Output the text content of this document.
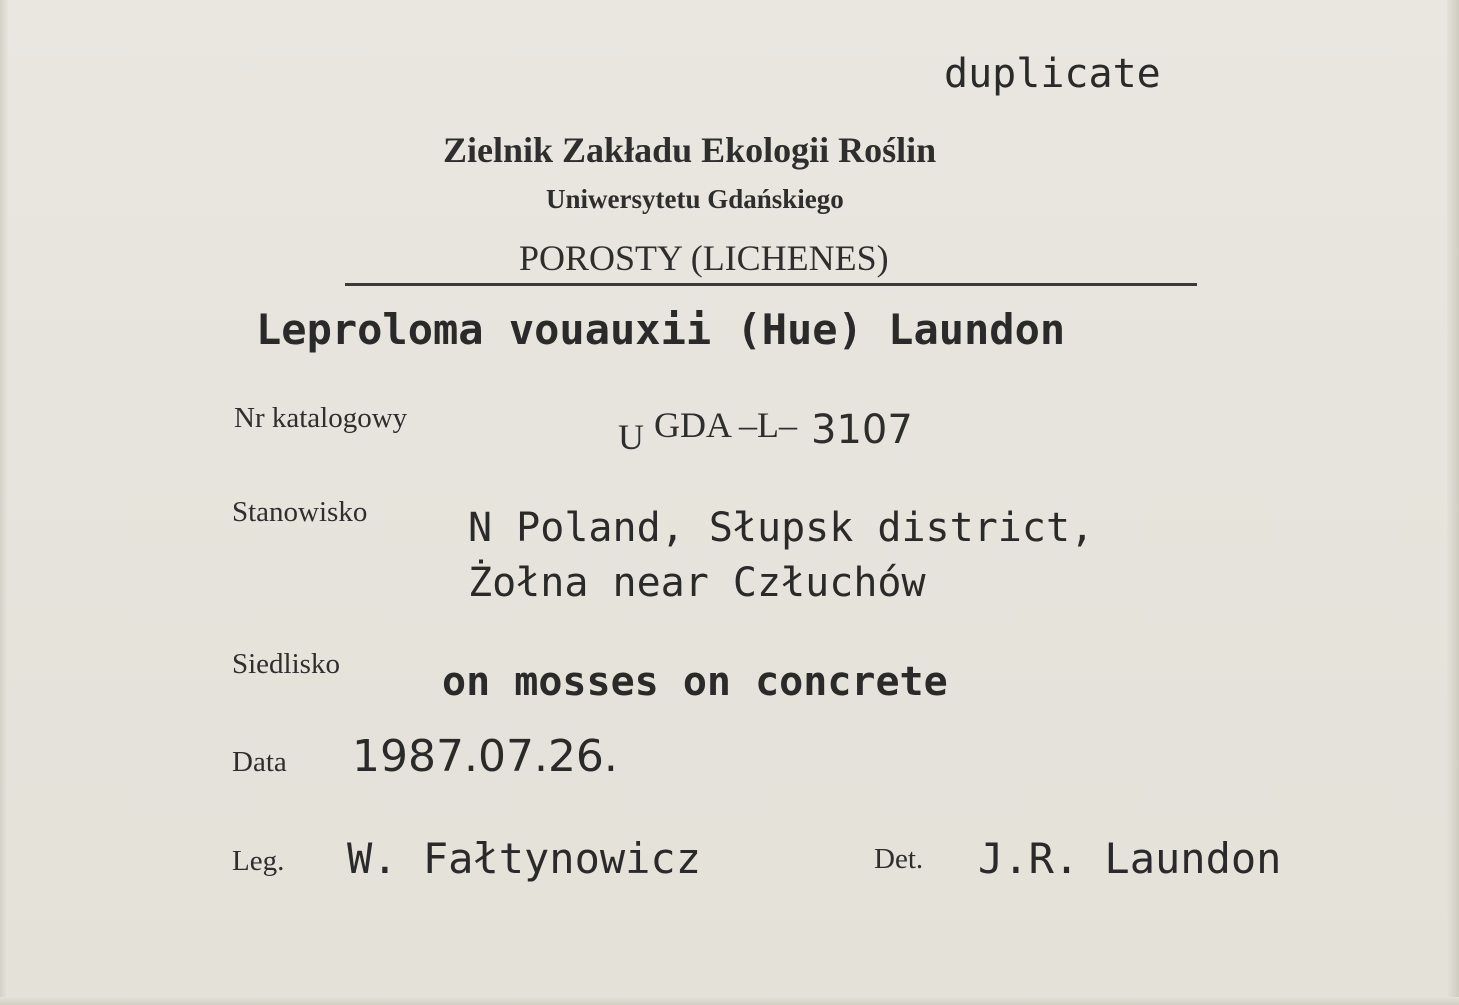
duplicate

Zielnik Zakładu Ekologii Roślin

Uniwersytetu Gdańskiego

POROSTY (LICHENES)

Leproloma vouauxii (Hue) Laundon

Nr katalogowy	U GDA –L– 3107

Stanowisko	N Poland, Słupsk district,

Żołna near Człuchów

Siedlisko	on mosses on concrete

Data 1987.07.26.

Leg. W. Fałtynowicz	Det. J.R. Laundon
